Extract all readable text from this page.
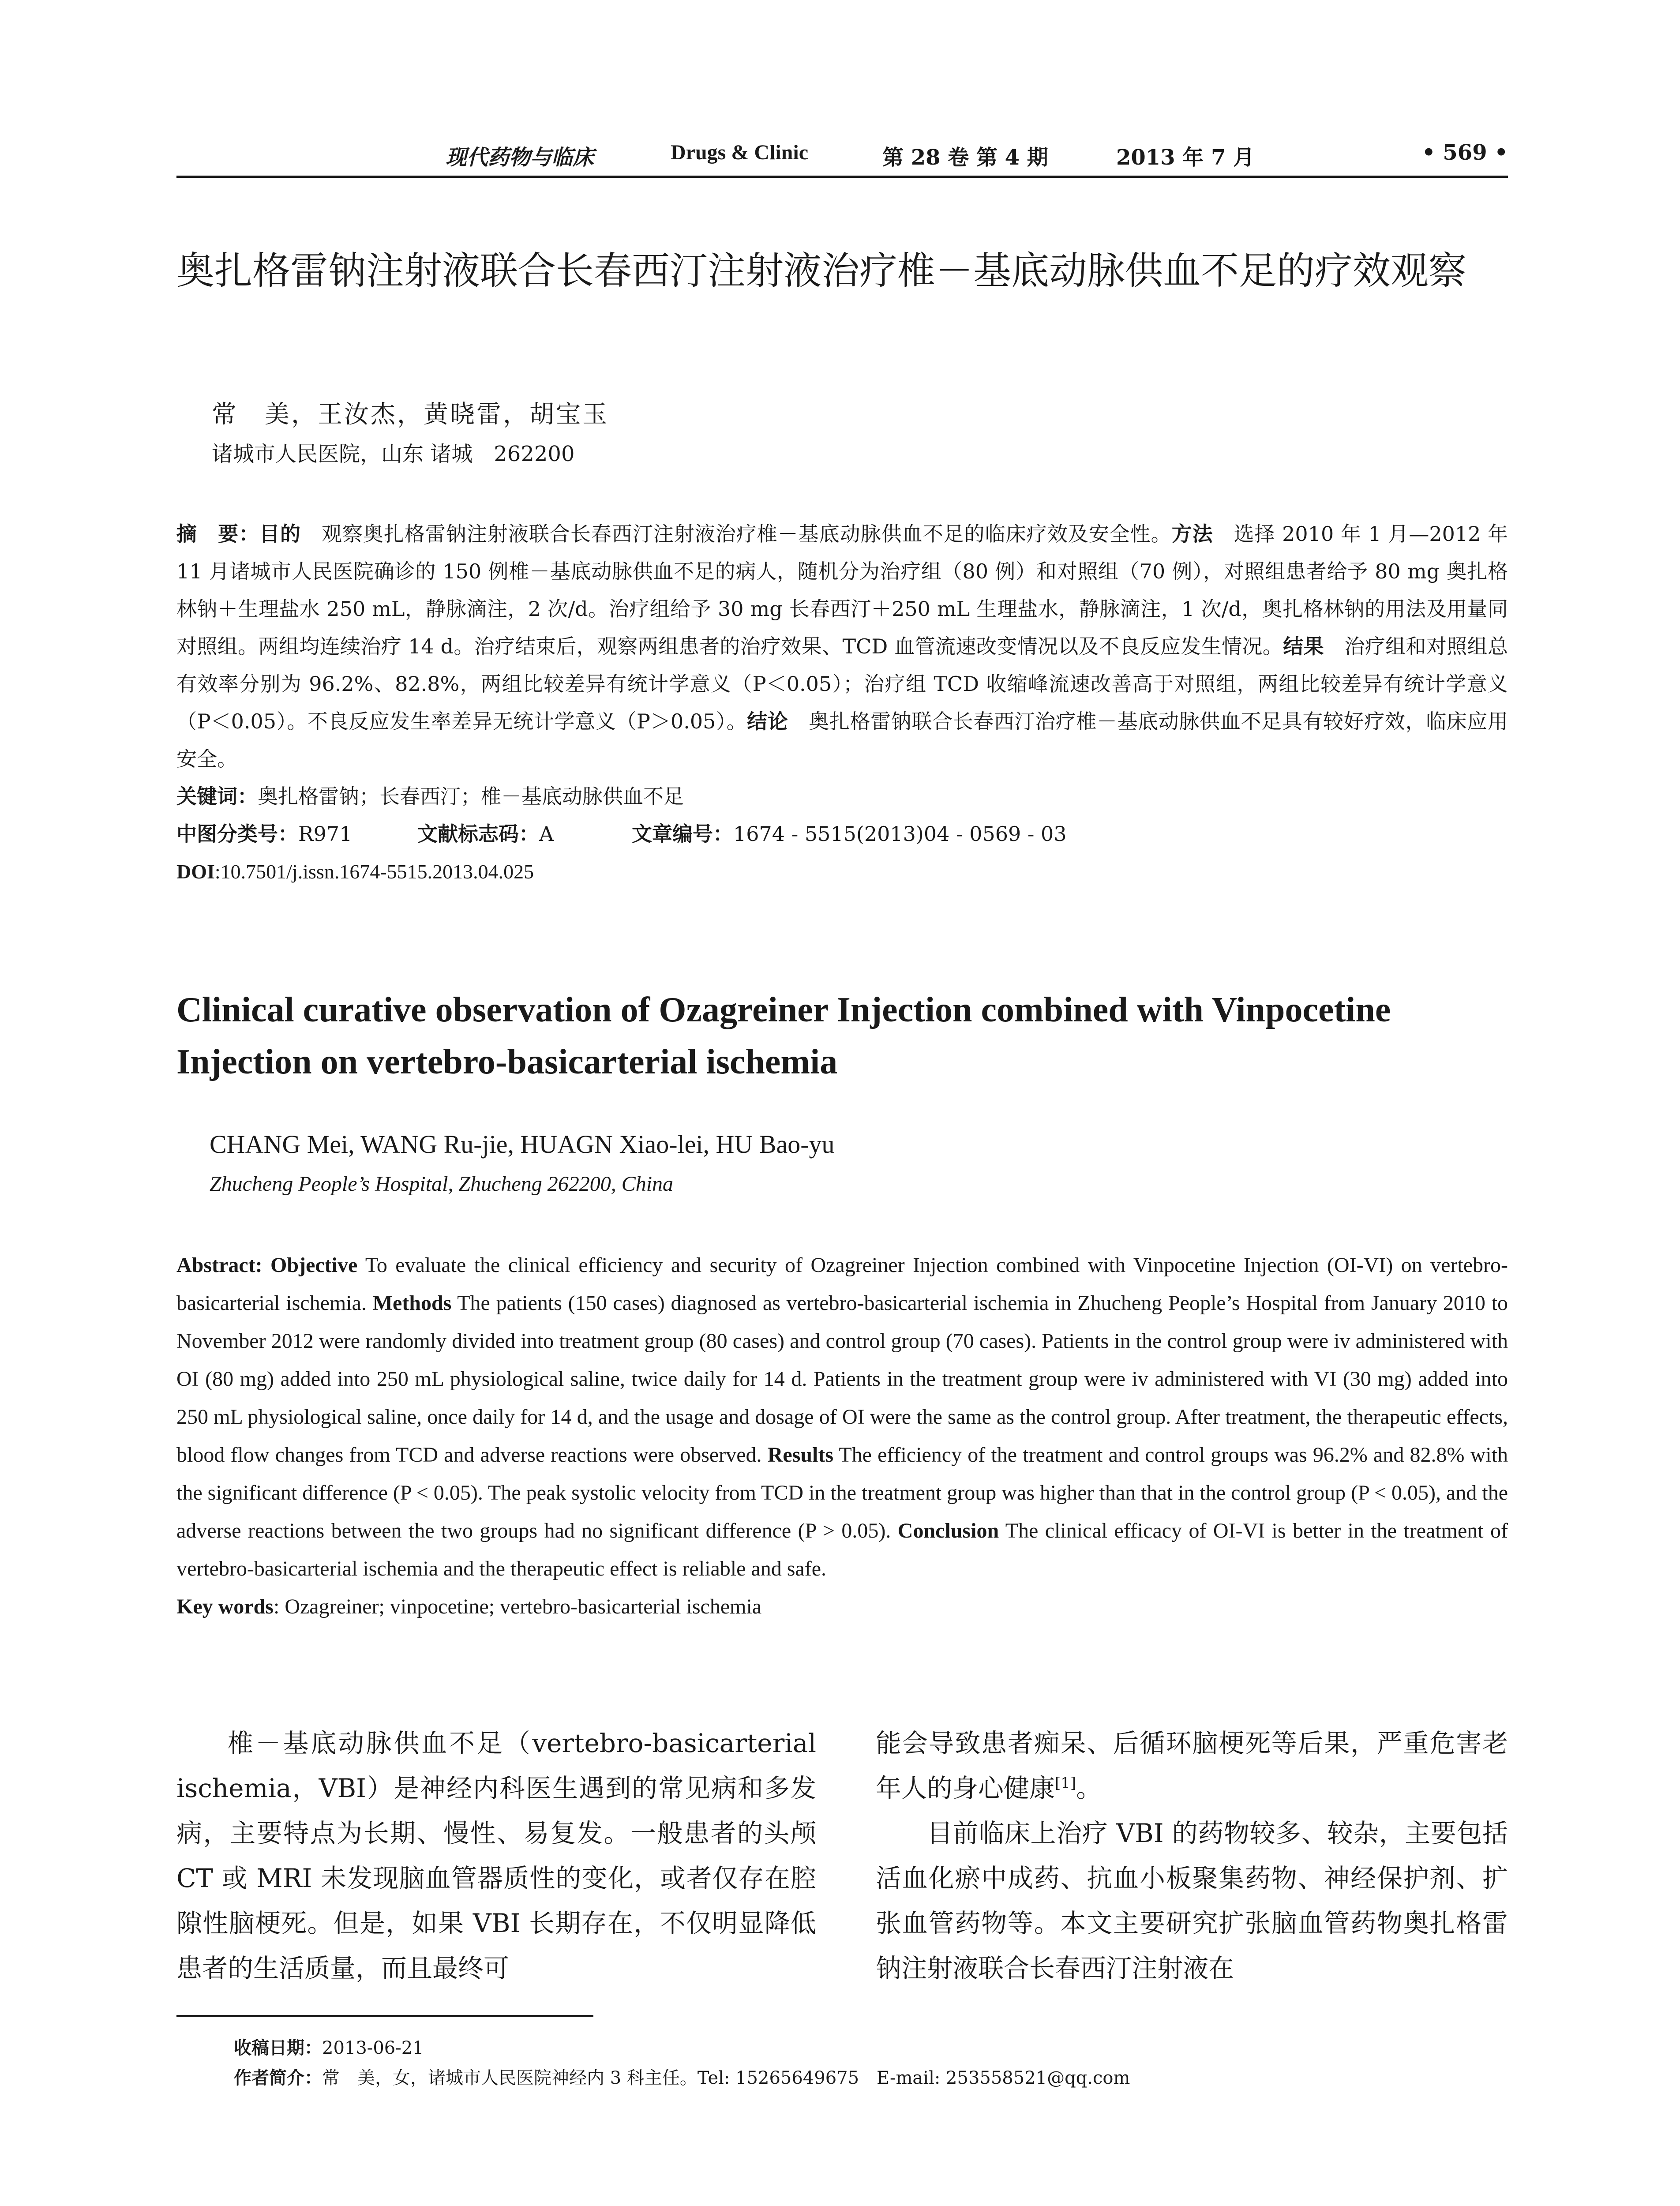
现代药物与临床	Drugs & Clinic	第 28 卷 第 4 期	2013 年 7 月	• 569 •
奥扎格雷钠注射液联合长春西汀注射液治疗椎－基底动脉供血不足的疗效观察
常　美，王汝杰，黄晓雷，胡宝玉
诸城市人民医院，山东 诸城　262200
摘　要：目的　观察奥扎格雷钠注射液联合长春西汀注射液治疗椎－基底动脉供血不足的临床疗效及安全性。方法　选择 2010 年 1 月—2012 年 11 月诸城市人民医院确诊的 150 例椎－基底动脉供血不足的病人，随机分为治疗组（80 例）和对照组（70 例），对照组患者给予 80 mg 奥扎格林钠＋生理盐水 250 mL，静脉滴注，2 次/d。治疗组给予 30 mg 长春西汀＋250 mL 生理盐水，静脉滴注，1 次/d，奥扎格林钠的用法及用量同对照组。两组均连续治疗 14 d。治疗结束后，观察两组患者的治疗效果、TCD 血管流速改变情况以及不良反应发生情况。结果　治疗组和对照组总有效率分别为 96.2%、82.8%，两组比较差异有统计学意义（P＜0.05）；治疗组 TCD 收缩峰流速改善高于对照组，两组比较差异有统计学意义（P＜0.05）。不良反应发生率差异无统计学意义（P＞0.05）。结论　奥扎格雷钠联合长春西汀治疗椎－基底动脉供血不足具有较好疗效，临床应用安全。
关键词：奥扎格雷钠；长春西汀；椎－基底动脉供血不足
中图分类号：R971	文献标志码：A	文章编号：1674 - 5515(2013)04 - 0569 - 03
DOI:10.7501/j.issn.1674-5515.2013.04.025
Clinical curative observation of Ozagreiner Injection combined with Vinpocetine Injection on vertebro-basicarterial ischemia
CHANG Mei, WANG Ru-jie, HUAGN Xiao-lei, HU Bao-yu
Zhucheng People’s Hospital, Zhucheng 262200, China
Abstract: Objective To evaluate the clinical efficiency and security of Ozagreiner Injection combined with Vinpocetine Injection (OI-VI) on vertebro-basicarterial ischemia. Methods The patients (150 cases) diagnosed as vertebro-basicarterial ischemia in Zhucheng People’s Hospital from January 2010 to November 2012 were randomly divided into treatment group (80 cases) and control group (70 cases). Patients in the control group were iv administered with OI (80 mg) added into 250 mL physiological saline, twice daily for 14 d. Patients in the treatment group were iv administered with VI (30 mg) added into 250 mL physiological saline, once daily for 14 d, and the usage and dosage of OI were the same as the control group. After treatment, the therapeutic effects, blood flow changes from TCD and adverse reactions were observed. Results The efficiency of the treatment and control groups was 96.2% and 82.8% with the significant difference (P < 0.05). The peak systolic velocity from TCD in the treatment group was higher than that in the control group (P < 0.05), and the adverse reactions between the two groups had no significant difference (P > 0.05). Conclusion The clinical efficacy of OI-VI is better in the treatment of vertebro-basicarterial ischemia and the therapeutic effect is reliable and safe.
Key words: Ozagreiner; vinpocetine; vertebro-basicarterial ischemia

椎－基底动脉供血不足（vertebro-basicarterial ischemia，VBI）是神经内科医生遇到的常见病和多发病，主要特点为长期、慢性、易复发。一般患者的头颅 CT 或 MRI 未发现脑血管器质性的变化，或者仅存在腔隙性脑梗死。但是，如果 VBI 长期存在，不仅明显降低患者的生活质量，而且最终可

能会导致患者痴呆、后循环脑梗死等后果，严重危害老年人的身心健康[1]。

目前临床上治疗 VBI 的药物较多、较杂，主要包括活血化瘀中成药、抗血小板聚集药物、神经保护剂、扩张血管药物等。本文主要研究扩张脑血管药物奥扎格雷钠注射液联合长春西汀注射液在

收稿日期：2013-06-21
作者简介：常　美，女，诸城市人民医院神经内 3 科主任。Tel: 15265649675　E-mail: 253558521@qq.com
